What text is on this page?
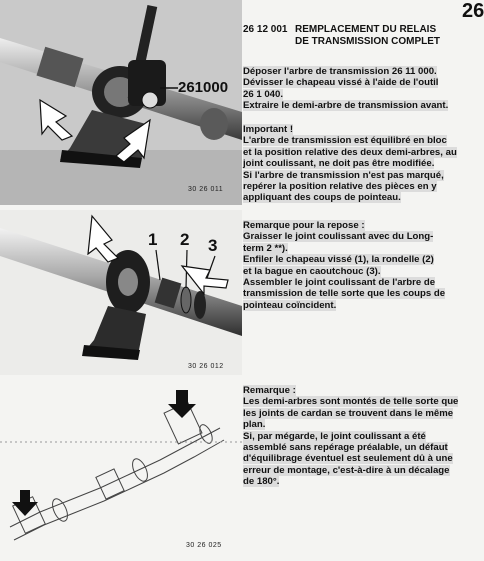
26
261000
30 26 011
1 2 3
30 26 012
30 26 025
26 12 001 REMPLACEMENT DU RELAIS
DE TRANSMISSION COMPLET

Déposer l'arbre de transmission 26 11 000.

Dévisser le chapeau vissé à l'aide de l'outil

26 1 040.

Extraire le demi-arbre de transmission avant.

Important !

L'arbre de transmission est équilibré en bloc

et la position relative des deux demi-arbres, au

joint coulissant, ne doit pas être modifiée.

Si l'arbre de transmission n'est pas marqué,

repérer la position relative des pièces en y

appliquant des coups de pointeau.

Remarque pour la repose :

Graisser le joint coulissant avec du Long-

term 2 **).

Enfiler le chapeau vissé (1), la rondelle (2)

et la bague en caoutchouc (3).

Assembler le joint coulissant de l'arbre de

transmission de telle sorte que les coups de

pointeau coïncident.

Remarque :

Les demi-arbres sont montés de telle sorte que

les joints de cardan se trouvent dans le même

plan.

Si, par mégarde, le joint coulissant a été

assemblé sans repérage préalable, un défaut

d'équilibrage éventuel est seulement dû à une

erreur de montage, c'est-à-dire à un décalage

de 180°.
